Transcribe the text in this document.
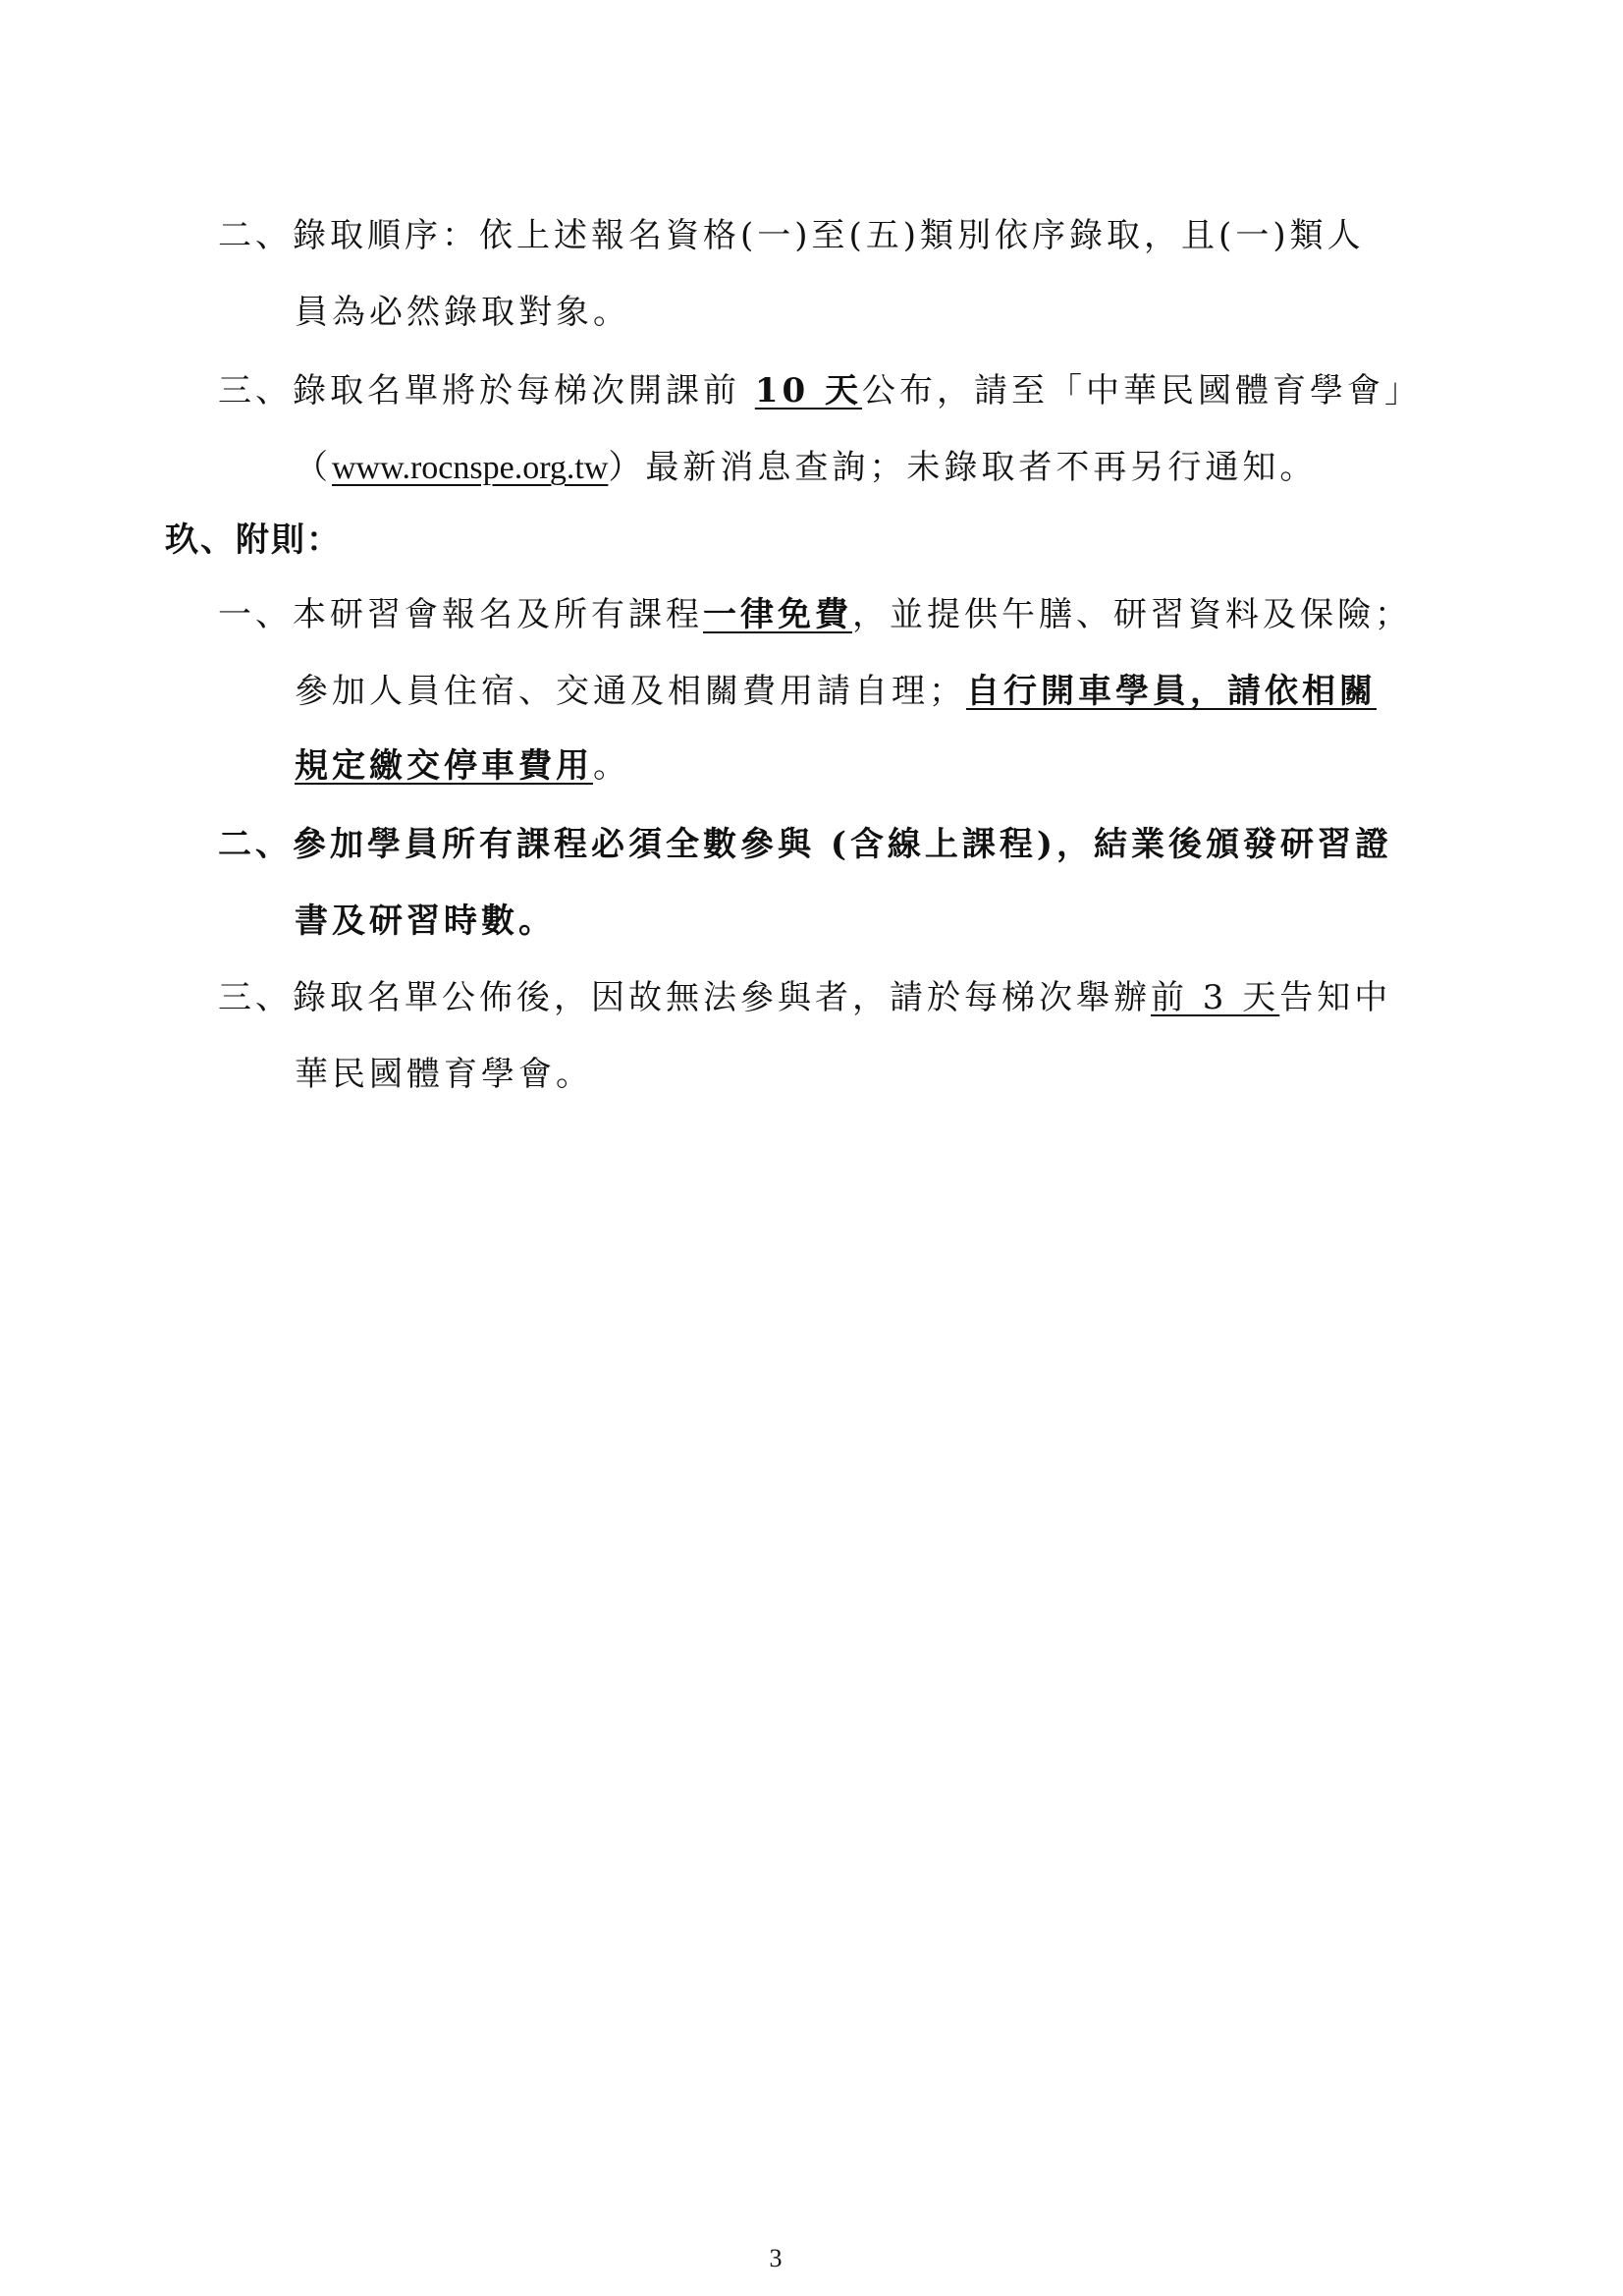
二、錄取順序：依上述報名資格(一)至(五)類別依序錄取，且(一)類人
員為必然錄取對象。
三、錄取名單將於每梯次開課前 10 天公布，請至「中華民國體育學會」
（www.rocnspe.org.tw）最新消息查詢；未錄取者不再另行通知。
玖、附則：
一、本研習會報名及所有課程一律免費，並提供午膳、研習資料及保險；
參加人員住宿、交通及相關費用請自理；自行開車學員，請依相關
規定繳交停車費用。
二、參加學員所有課程必須全數參與 (含線上課程)，結業後頒發研習證
書及研習時數。
三、錄取名單公佈後，因故無法參與者，請於每梯次舉辦前 3 天告知中
華民國體育學會。
3
